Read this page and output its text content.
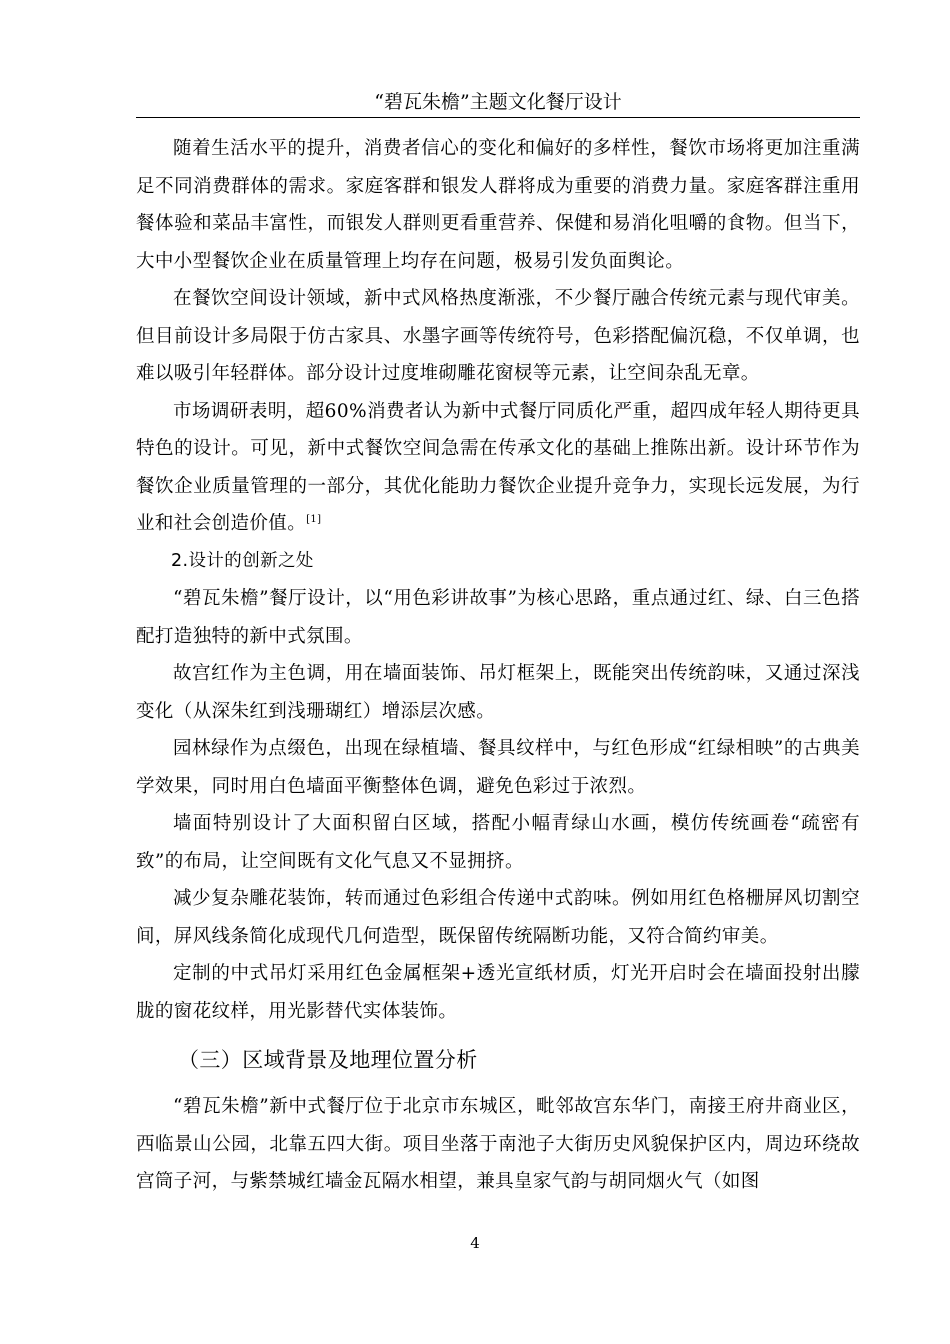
“碧瓦朱檐”主题文化餐厅设计

随着生活水平的提升，消费者信心的变化和偏好的多样性，餐饮市场将更加注重满足不同消费群体的需求。家庭客群和银发人群将成为重要的消费力量。家庭客群注重用餐体验和菜品丰富性，而银发人群则更看重营养、保健和易消化咀嚼的食物。但当下，大中小型餐饮企业在质量管理上均存在问题，极易引发负面舆论。

在餐饮空间设计领域，新中式风格热度渐涨，不少餐厅融合传统元素与现代审美。但目前设计多局限于仿古家具、水墨字画等传统符号，色彩搭配偏沉稳，不仅单调，也难以吸引年轻群体。部分设计过度堆砌雕花窗棂等元素，让空间杂乱无章。

市场调研表明，超60%消费者认为新中式餐厅同质化严重，超四成年轻人期待更具特色的设计。可见，新中式餐饮空间急需在传承文化的基础上推陈出新。设计环节作为餐饮企业质量管理的一部分，其优化能助力餐饮企业提升竞争力，实现长远发展，为行业和社会创造价值。[1]

2.设计的创新之处

“碧瓦朱檐”餐厅设计，以“用色彩讲故事”为核心思路，重点通过红、绿、白三色搭配打造独特的新中式氛围。

故宫红作为主色调，用在墙面装饰、吊灯框架上，既能突出传统韵味，又通过深浅变化（从深朱红到浅珊瑚红）增添层次感。

园林绿作为点缀色，出现在绿植墙、餐具纹样中，与红色形成“红绿相映”的古典美学效果，同时用白色墙面平衡整体色调，避免色彩过于浓烈。

墙面特别设计了大面积留白区域，搭配小幅青绿山水画，模仿传统画卷“疏密有致”的布局，让空间既有文化气息又不显拥挤。

减少复杂雕花装饰，转而通过色彩组合传递中式韵味。例如用红色格栅屏风切割空间，屏风线条简化成现代几何造型，既保留传统隔断功能，又符合简约审美。

定制的中式吊灯采用红色金属框架+透光宣纸材质，灯光开启时会在墙面投射出朦胧的窗花纹样，用光影替代实体装饰。

（三）区域背景及地理位置分析

“碧瓦朱檐”新中式餐厅位于北京市东城区，毗邻故宫东华门，南接王府井商业区，西临景山公园，北靠五四大街。项目坐落于南池子大街历史风貌保护区内，周边环绕故宫筒子河，与紫禁城红墙金瓦隔水相望，兼具皇家气韵与胡同烟火气（如图

4
